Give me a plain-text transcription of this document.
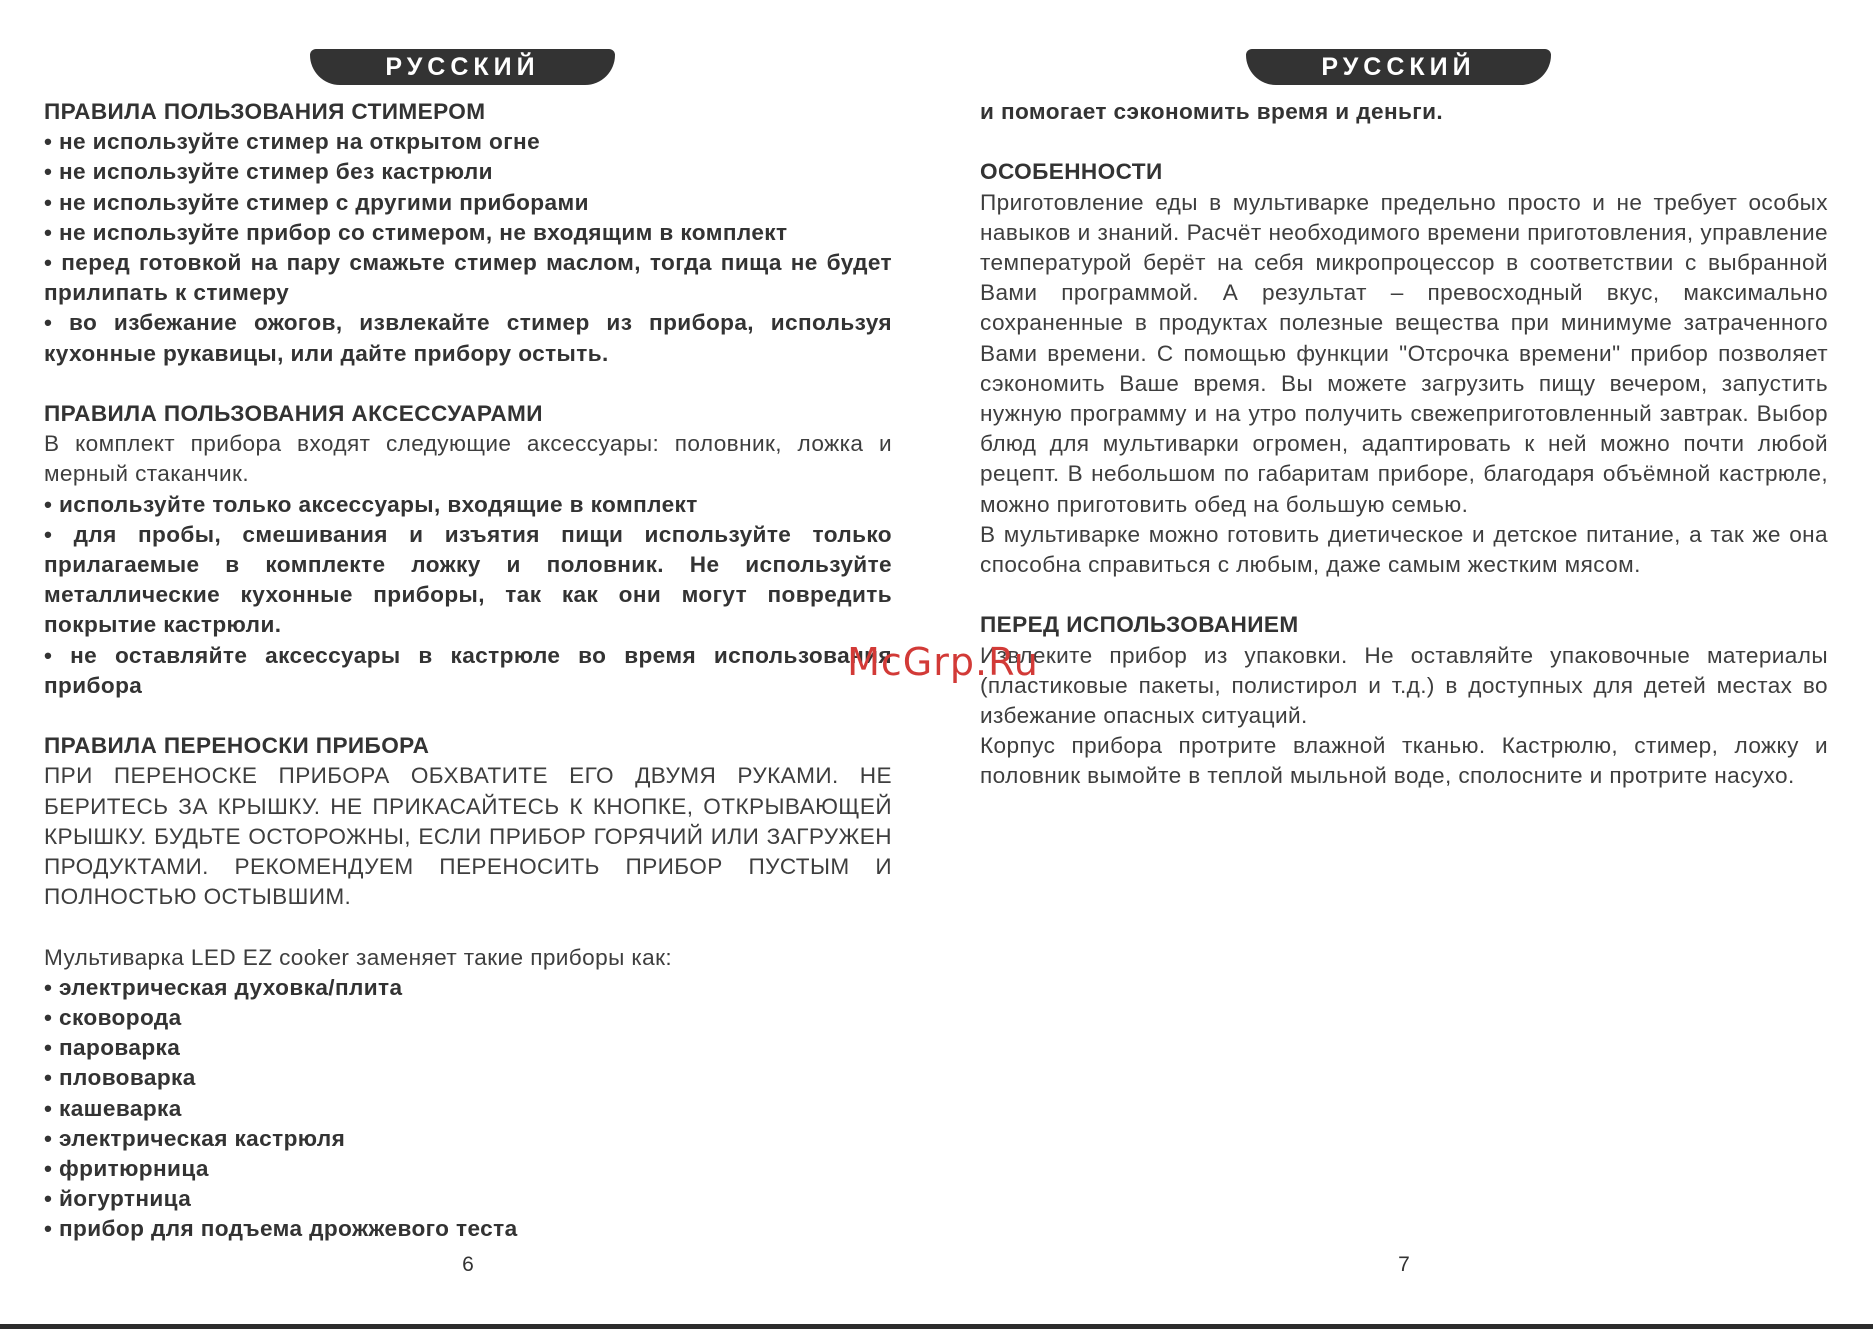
РУССКИЙ

ПРАВИЛА ПОЛЬЗОВАНИЯ СТИМЕРОМ

• не используйте стимер на открытом огне

• не используйте стимер без кастрюли

• не используйте стимер с другими приборами

• не используйте прибор со стимером, не входящим в комплект

• перед готовкой на пару смажьте стимер маслом, тогда пища не будет прилипать к стимеру

• во избежание ожогов, извлекайте стимер из прибора, используя кухонные рукавицы, или дайте прибору остыть.

ПРАВИЛА ПОЛЬЗОВАНИЯ АКСЕССУАРАМИ

В комплект прибора входят следующие аксессуары: половник, ложка и мерный стаканчик.

• используйте только аксессуары, входящие в комплект

• для пробы, смешивания и изъятия пищи используйте только прилагаемые в комплекте ложку и половник. Не используйте металлические кухонные приборы, так как они могут повредить покрытие кастрюли.

• не оставляйте аксессуары в кастрюле во время использования прибора

ПРАВИЛА ПЕРЕНОСКИ ПРИБОРА

ПРИ ПЕРЕНОСКЕ ПРИБОРА ОБХВАТИТЕ ЕГО ДВУМЯ РУКАМИ. НЕ БЕРИТЕСЬ ЗА КРЫШКУ. НЕ ПРИКАСАЙТЕСЬ К КНОПКЕ, ОТКРЫВАЮЩЕЙ КРЫШКУ. БУДЬТЕ ОСТОРОЖНЫ, ЕСЛИ ПРИБОР ГОРЯЧИЙ ИЛИ ЗАГРУЖЕН ПРОДУКТАМИ. РЕКОМЕНДУЕМ ПЕРЕНОСИТЬ ПРИБОР ПУСТЫМ И ПОЛНОСТЬЮ ОСТЫВШИМ.

Мультиварка LED EZ cooker заменяет такие приборы как:

• электрическая духовка/плита

• сковорода

• пароварка

• плововарка

• кашеварка

• электрическая кастрюля

• фритюрница

• йогуртница

• прибор для подъема дрожжевого теста

6
РУССКИЙ

и помогает сэкономить время и деньги.

ОСОБЕННОСТИ

Приготовление еды в мультиварке предельно просто и не требует особых навыков и знаний. Расчёт необходимого времени приготовления, управление температурой берёт на себя микропроцессор в соответствии с выбранной Вами программой. А результат – превосходный вкус, максимально сохраненные в продуктах полезные вещества при минимуме затраченного Вами времени. С помощью функции "Отсрочка времени" прибор позволяет сэкономить Ваше время. Вы можете загрузить пищу вечером, запустить нужную программу и на утро получить свежеприготовленный завтрак. Выбор блюд для мультиварки огромен, адаптировать к ней можно почти любой рецепт. В небольшом по габаритам приборе, благодаря объёмной кастрюле, можно приготовить обед на большую семью.

В мультиварке можно готовить диетическое и детское питание, а так же она способна справиться с любым, даже самым жестким мясом.

ПЕРЕД ИСПОЛЬЗОВАНИЕМ

Извлеките прибор из упаковки. Не оставляйте упаковочные материалы (пластиковые пакеты, полистирол и т.д.) в доступных для детей местах во избежание опасных ситуаций.

Корпус прибора протрите влажной тканью. Кастрюлю, стимер, ложку и половник вымойте в теплой мыльной воде, сполосните и протрите насухо.

7
McGrp.Ru
